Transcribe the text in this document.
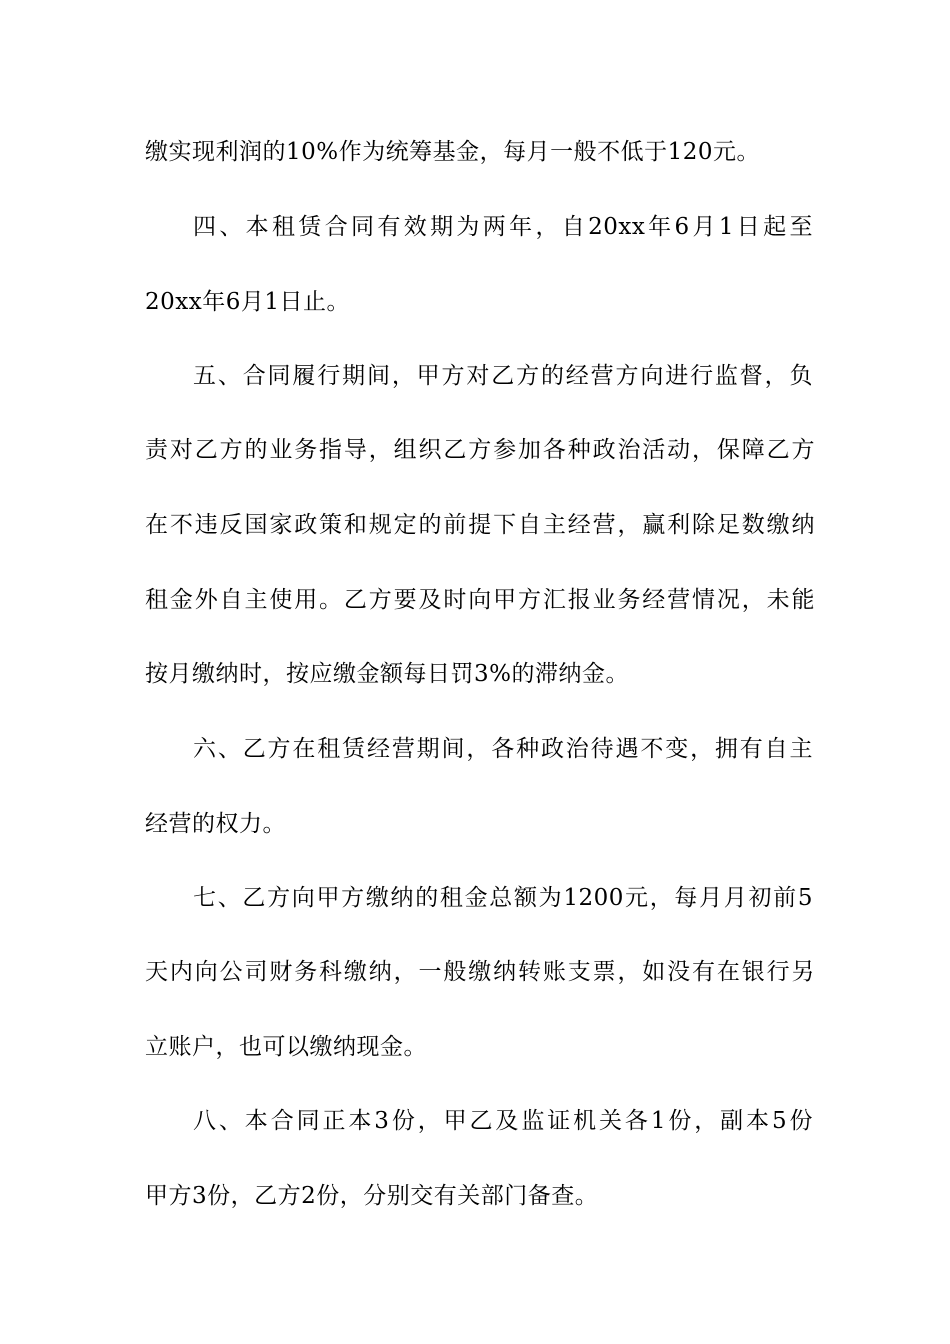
缴实现利润的10%作为统筹基金，每月一般不低于120元。
四、本租赁合同有效期为两年，自20xx年6月1日起至
20xx年6月1日止。
五、合同履行期间，甲方对乙方的经营方向进行监督，负
责对乙方的业务指导，组织乙方参加各种政治活动，保障乙方
在不违反国家政策和规定的前提下自主经营，赢利除足数缴纳
租金外自主使用。乙方要及时向甲方汇报业务经营情况，未能
按月缴纳时，按应缴金额每日罚3%的滞纳金。
六、乙方在租赁经营期间，各种政治待遇不变，拥有自主
经营的权力。
七、乙方向甲方缴纳的租金总额为1200元，每月月初前5
天内向公司财务科缴纳，一般缴纳转账支票，如没有在银行另
立账户，也可以缴纳现金。
八、本合同正本3份，甲乙及监证机关各1份，副本5份
甲方3份，乙方2份，分别交有关部门备查。
